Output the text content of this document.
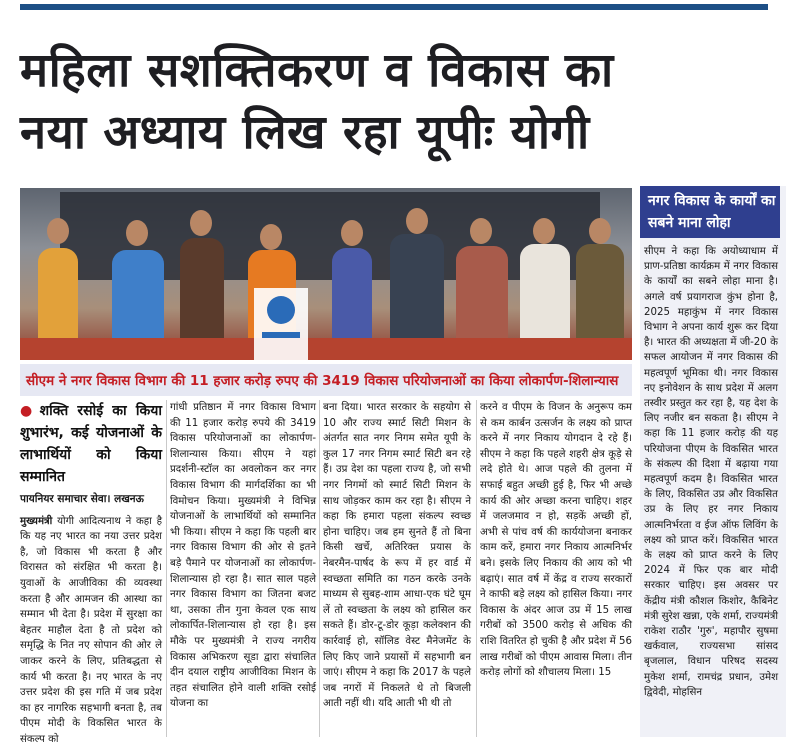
महिला सशक्तिकरण व विकास का
नया अध्याय लिख रहा यूपीः योगी

सीएम ने नगर विकास विभाग की 11 हजार करोड़ रुपए की 3419 विकास परियोजनाओं का किया लोकार्पण-शिलान्यास

नगर विकास के कार्यों का सबने माना लोहा

सीएम ने कहा कि अयोध्याधाम में प्राण-प्रतिष्ठा कार्यक्रम में नगर विकास के कार्यों का सबने लोहा माना है। अगले वर्ष प्रयागराज कुंभ होना है, 2025 महाकुंभ में नगर विकास विभाग ने अपना कार्य शुरू कर दिया है। भारत की अध्यक्षता में जी-20 के सफल आयोजन में नगर विकास की महत्वपूर्ण भूमिका थी। नगर विकास नए इनोवेशन के साथ प्रदेश में अलग तस्वीर प्रस्तुत कर रहा है, यह देश के लिए नजीर बन सकता है। सीएम ने कहा कि 11 हजार करोड़ की यह परियोजना पीएम के विकसित भारत के संकल्प की दिशा में बढ़ाया गया महत्वपूर्ण कदम है। विकसित भारत के लिए, विकसित उप्र और विकसित उप्र के लिए हर नगर निकाय आत्मनिर्भरता व ईज ऑफ लिविंग के लक्ष्य को प्राप्त करें। विकसित भारत के लक्ष्य को प्राप्त करने के लिए 2024 में फिर एक बार मोदी सरकार चाहिए। इस अवसर पर केंद्रीय मंत्री कौशल किशोर, कैबिनेट मंत्री सुरेश खन्ना, एके शर्मा, राज्यमंत्री राकेश राठौर 'गुरु', महापौर सुषमा खर्कवाल, राज्यसभा सांसद बृजलाल, विधान परिषद सदस्य मुकेश शर्मा, रामचंद्र प्रधान, उमेश द्विवेदी, मोहसिन

● शक्ति रसोई का किया शुभारंभ, कई योजनाओं के लाभार्थियों को किया सम्मानित

पायनियर समाचार सेवा। लखनऊ

मुख्यमंत्री योगी आदित्यनाथ ने कहा है कि यह नए भारत का नया उत्तर प्रदेश है, जो विकास भी करता है और विरासत को संरक्षित भी करता है। युवाओं के आजीविका की व्यवस्था करता है और आमजन की आस्था का सम्मान भी देता है। प्रदेश में सुरक्षा का बेहतर माहौल देता है तो प्रदेश को समृद्धि के नित नए सोपान की ओर ले जाकर करने के लिए, प्रतिबद्धता से कार्य भी करता है। नए भारत के नए उत्तर प्रदेश की इस गति में जब प्रदेश का हर नागरिक सहभागी बनता है, तब पीएम मोदी के विकसित भारत के संकल्प को

गांधी प्रतिष्ठान में नगर विकास विभाग की 11 हजार करोड़ रुपये की 3419 विकास परियोजनाओं का लोकार्पण-शिलान्यास किया। सीएम ने यहां प्रदर्शनी-स्टॉल का अवलोकन कर नगर विकास विभाग की मार्गदर्शिका का भी विमोचन किया। मुख्यमंत्री ने विभिन्न योजनाओं के लाभार्थियों को सम्मानित भी किया। सीएम ने कहा कि पहली बार नगर विकास विभाग की ओर से इतने बड़े पैमाने पर योजनाओं का लोकार्पण-शिलान्यास हो रहा है। सात साल पहले नगर विकास विभाग का जितना बजट था, उसका तीन गुना केवल एक साथ लोकार्पित-शिलान्यास हो रहा है। इस मौके पर मुख्यमंत्री ने राज्य नगरीय विकास अभिकरण सूडा द्वारा संचालित दीन दयाल राष्ट्रीय आजीविका मिशन के तहत संचालित होने वाली शक्ति रसोई योजना का

बना दिया। भारत सरकार के सहयोग से 10 और राज्य स्मार्ट सिटी मिशन के अंतर्गत सात नगर निगम समेत यूपी के कुल 17 नगर निगम स्मार्ट सिटी बन रहे हैं। उप्र देश का पहला राज्य है, जो सभी नगर निगमों को स्मार्ट सिटी मिशन के साथ जोड़कर काम कर रहा है। सीएम ने कहा कि हमारा पहला संकल्प स्वच्छ होना चाहिए। जब हम सुनते हैं तो बिना किसी खर्चे, अतिरिक्त प्रयास के नेबरमैन-पार्षद के रूप में हर वार्ड में स्वच्छता समिति का गठन करके उनके माध्यम से सुबह-शाम आधा-एक घंटे घूम लें तो स्वच्छता के लक्ष्य को हासिल कर सकते हैं। डोर-टू-डोर कूड़ा कलेक्शन की कार्रवाई हो, सॉलिड वेस्ट मैनेजमेंट के लिए किए जाने प्रयासों में सहभागी बन जाएं। सीएम ने कहा कि 2017 के पहले जब नगरों में निकलते थे तो बिजली आती नहीं थी। यदि आती भी थी तो

करने व पीएम के विजन के अनुरूप कम से कम कार्बन उत्सर्जन के लक्ष्य को प्राप्त करने में नगर निकाय योगदान दे रहे हैं। सीएम ने कहा कि पहले शहरी क्षेत्र कूड़े से लदे होते थे। आज पहले की तुलना में सफाई बहुत अच्छी हुई है, फिर भी अच्छे कार्य की ओर अच्छा करना चाहिए। शहर में जलजमाव न हो, सड़कें अच्छी हों, अभी से पांच वर्ष की कार्ययोजना बनाकर काम करें, हमारा नगर निकाय आत्मनिर्भर बने। इसके लिए निकाय की आय को भी बढ़ाएं। सात वर्ष में केंद्र व राज्य सरकारों ने काफी बड़े लक्ष्य को हासिल किया। नगर विकास के अंदर आज उप्र में 15 लाख गरीबों को 3500 करोड़ से अधिक की राशि वितरित हो चुकी है और प्रदेश में 56 लाख गरीबों को पीएम आवास मिला। तीन करोड़ लोगों को शौचालय मिला। 15
